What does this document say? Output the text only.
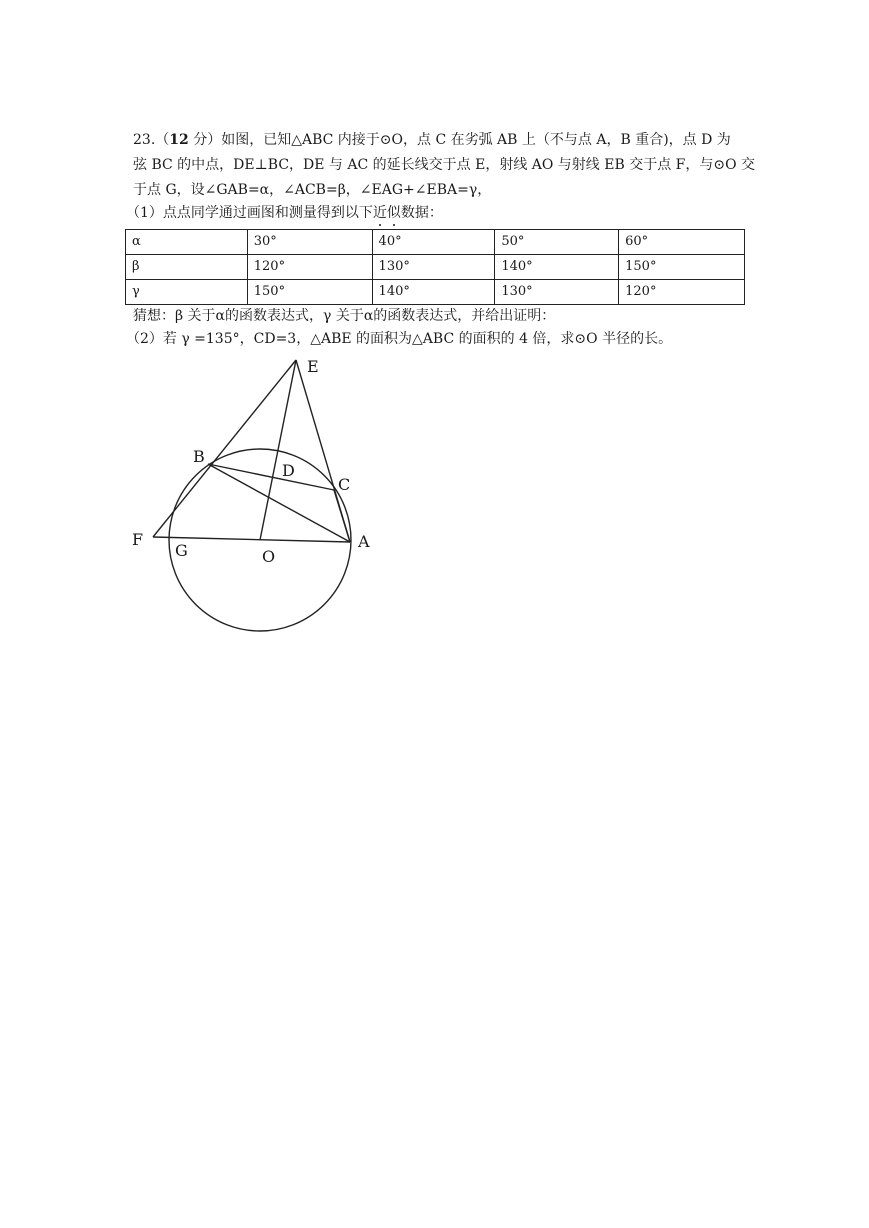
23.（12 分）如图，已知△ABC 内接于⊙O，点 C 在劣弧 AB 上（不与点 A，B 重合)，点 D 为
弦 BC 的中点，DE⊥BC，DE 与 AC 的延长线交于点 E，射线 AO 与射线 EB 交于点 F，与⊙O 交
于点 G，设∠GAB=α，∠ACB=β，∠EAG+∠EBA=γ，
（1）点点同学通过画图和测量得到以下近似数据：
α	30°	40°	50°	60°
β	120°	130°	140°	150°
γ	150°	140°	130°	120°
猜想：β 关于α的函数表达式，γ 关于α的函数表达式，并给出证明：
（2）若 γ =135°，CD=3，△ABE 的面积为△ABC 的面积的 4 倍，求⊙O 半径的长。
E
B
D
C
F
G	O
A
